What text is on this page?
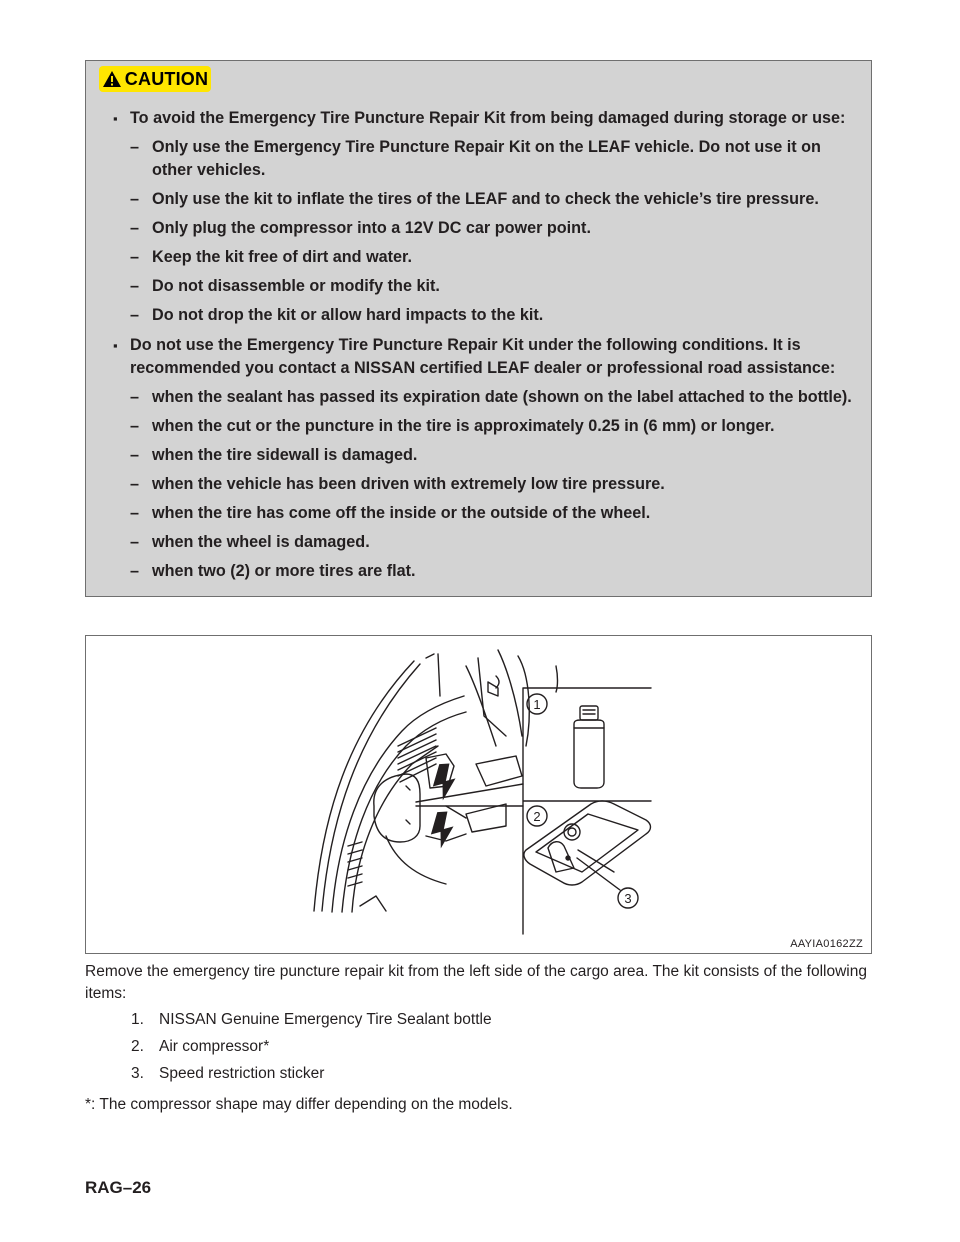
CAUTION
▪ To avoid the Emergency Tire Puncture Repair Kit from being damaged during storage or use:
– Only use the Emergency Tire Puncture Repair Kit on the LEAF vehicle. Do not use it on other vehicles.
– Only use the kit to inflate the tires of the LEAF and to check the vehicle’s tire pressure.
– Only plug the compressor into a 12V DC car power point.
– Keep the kit free of dirt and water.
– Do not disassemble or modify the kit.
– Do not drop the kit or allow hard impacts to the kit.
▪ Do not use the Emergency Tire Puncture Repair Kit under the following conditions. It is recommended you contact a NISSAN certified LEAF dealer or professional road assistance:
– when the sealant has passed its expiration date (shown on the label attached to the bottle).
– when the cut or the puncture in the tire is approximately 0.25 in (6 mm) or longer.
– when the tire sidewall is damaged.
– when the vehicle has been driven with extremely low tire pressure.
– when the tire has come off the inside or the outside of the wheel.
– when the wheel is damaged.
– when two (2) or more tires are flat.
1
2
3
AAYIA0162ZZ

Remove the emergency tire puncture repair kit from the left side of the cargo area. The kit consists of the following items:

1. NISSAN Genuine Emergency Tire Sealant bottle
2. Air compressor*
3. Speed restriction sticker

*: The compressor shape may differ depending on the models.

RAG–26
